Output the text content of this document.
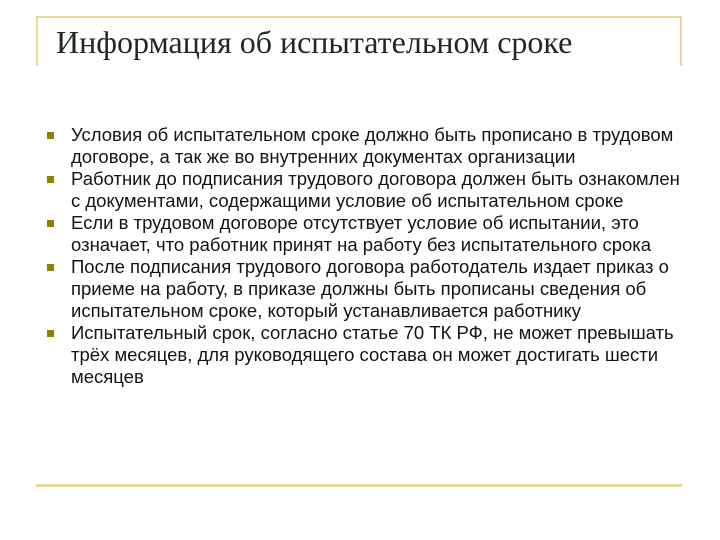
Информация об испытательном сроке
Условия об испытательном сроке должно быть прописано в трудовом договоре, а так же во внутренних документах организации
Работник до подписания трудового договора должен быть ознакомлен с документами, содержащими условие об испытательном сроке
Если в трудовом договоре отсутствует условие об испытании, это означает, что работник принят на работу без испытательного срока
После подписания трудового договора работодатель издает приказ о приеме на работу, в приказе должны быть прописаны сведения об испытательном сроке, который устанавливается работнику
Испытательный срок, согласно статье 70 ТК РФ, не может превышать трёх месяцев, для руководящего состава он может достигать шести месяцев
